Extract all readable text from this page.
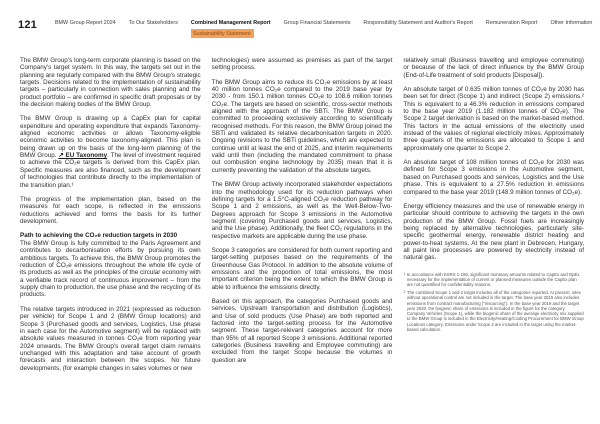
121	BMW Group Report 2024 To Our Stakeholders Combined Management Report
Sustainability Statement
Group Financial Statements Responsibility Statement and Auditor's Report Remuneration Report Other Information

The BMW Group's long-term corporate planning is based on the Company's target system. In this way, the targets set out in the planning are regularly compared with the BMW Group's strategic targets. Decisions related to the implementation of sustainability targets – particularly in connection with sales planning and the product portfolio – are confirmed in specific draft proposals or by the decision making bodies of the BMW Group.

The BMW Group is drawing up a CapEx plan for capital expenditure and operating expenditure that expands Taxonomy-aligned economic activities or allows Taxonomy-eligible economic activities to become taxonomy-aligned. This plan is being drawn up on the basis of the long-term planning of the BMW Group. ↗ EU Taxonomy. The level of investment required to achieve the CO₂e targets is derived from this CapEx plan. Specific measures are also financed, such as the development of technologies that contribute directly to the implementation of the transition plan.¹

The progress of the implementation plan, based on the measures for each scope, is reflected in the emissions reductions achieved and forms the basis for its further development.

Path to achieving the CO₂e reduction targets in 2030

The BMW Group is fully committed to the Paris Agreement and contributes to decarbonisation efforts by pursuing its own ambitious targets. To achieve this, the BMW Group promotes the reduction of CO₂e emissions throughout the whole life cycle of its products as well as the principles of the circular economy with a verifiable track record of continuous improvement – from the supply chain to production, the use phase and the recycling of its products.

The relative targets introduced in 2021 (expressed as reduction per vehicle) for Scope 1 and 2 (BMW Group locations) and Scope 3 (Purchased goods and services, Logistics, Use phase in each case for the Automotive segment) will be replaced with absolute values measured in tonnes CO₂e from reporting year 2024 onwards. The BMW Group's overall target claim remains unchanged with this adaptation and take account of growth forecasts and interaction between the scopes. No future developments, (for example changes in sales volumes or new

technologies) were assumed as premises as part of the target setting process.

The BMW Group aims to reduce its CO₂e emissions by at least 40 million tonnes CO₂e compared to the 2019 base year by 2030 - from 150.1 million tonnes CO₂e to 108.6 million tonnes CO₂e. The targets are based on scientific, cross-sector methods aligned with the approach of the SBTi. The BMW Group is committed to proceeding exclusively according to scientifically recognised methods. For this reason, the BMW Group joined the SBTi and validated its relative decarbonisation targets in 2020. Ongoing revisions to the SBTi guidelines, which are expected to continue until at least the end of 2025, and interim requirements valid until then (including the mandated commitment to phase out combustion engine technology by 2035) mean that it is currently preventing the validation of the absolute targets.

The BMW Group actively incorporated stakeholder expectations into the methodology used for its reduction pathways when defining targets for a 1.5°C-aligned CO₂e reduction pathway for Scope 1 and 2 emissions, as well as the Well-Below-Two-Degrees approach for Scope 3 emissions in the Automotive segment (covering Purchased goods and services, Logistics, and the Use phase). Additionally, the fleet CO₂ regulations in the respective markets are applicable during the use phase.

Scope 3 categories are considered for both current reporting and target-setting purposes based on the requirements of the Greenhouse Gas Protocol. In addition to the absolute volume of emissions and the proportion of total emissions, the most important criterion being the extent to which the BMW Group is able to influence the emissions directly.

Based on this approach, the categories Purchased goods and services, Upstream transportation and distribution (Logistics), and Use of sold products (Use Phase) are both reported and factored into the target-setting process for the Automotive segment. These target-relevant categories account for more than 95% of all reported Scope 3 emissions. Additional reported categories (Business travelling and Employee commuting) are excluded from the target Scope because the volumes in question are

relatively small (Business travelling and employee commuting) or because of the lack of direct influence by the BMW Group (End-of-Life treatment of sold products [Disposal]).

An absolute target of 0.635 million tonnes of CO₂e by 2030 has been set for direct (Scope 1) and indirect (Scope 2) emissions.² This is equivalent to a 46.3% reduction in emissions compared to the base year 2019 (1.182 million tonnes of CO₂e). The Scope 2 target derivation is based on the market-based method. This factors in the actual emissions of the electricity used instead of the values of regional electricity mixes. Approximately three quarters of the emissions are allocated to Scope 1 and approximately one quarter to Scope 2.

An absolute target of 108 million tonnes of CO₂e for 2030 was defined for Scope 3 emissions in the Automotive segment, based on Purchased goods and services, Logistics and the Use phase. This is equivalent to a 27.5% reduction in emissions compared to the base year 2019 (148.9 million tonnes of CO₂e).

Energy efficiency measures and the use of renewable energy in particular should contribute to achieving the targets in the own production of the BMW Group. Fossil fuels are increasingly being replaced by alternative technologies, particularly site-specific geothermal energy, renewable district heating and power-to-heat systems. At the new plant in Debrecen, Hungary, all paint line processes are powered by electricity instead of natural gas.

1 In accordance with ESRS 1-166, significant monetary amounts related to CapEx and OpEx necessary for the implementation of current or planned measures outside the CapEx plan are not quantified for confidentiality reasons.
2 The combined Scope 1 and 2 target includes all of the categories reported. At present, sites without operational control are not included in the target. The base year 2019 also includes emissions from contract manufacturing (“Insourcing”). In the base year 2019 and the target year 2030, the biogenic share of emissions is included in the figure for the category Company Vehicles (Scope 1), while the biogenic share of the average electricity mix supplied to the BMW Group is included in the Electricity/Heating/Cooling Procurement for BMW Group Locations category. Emissions under Scope 2 are included in the target using the market-based calculation.
